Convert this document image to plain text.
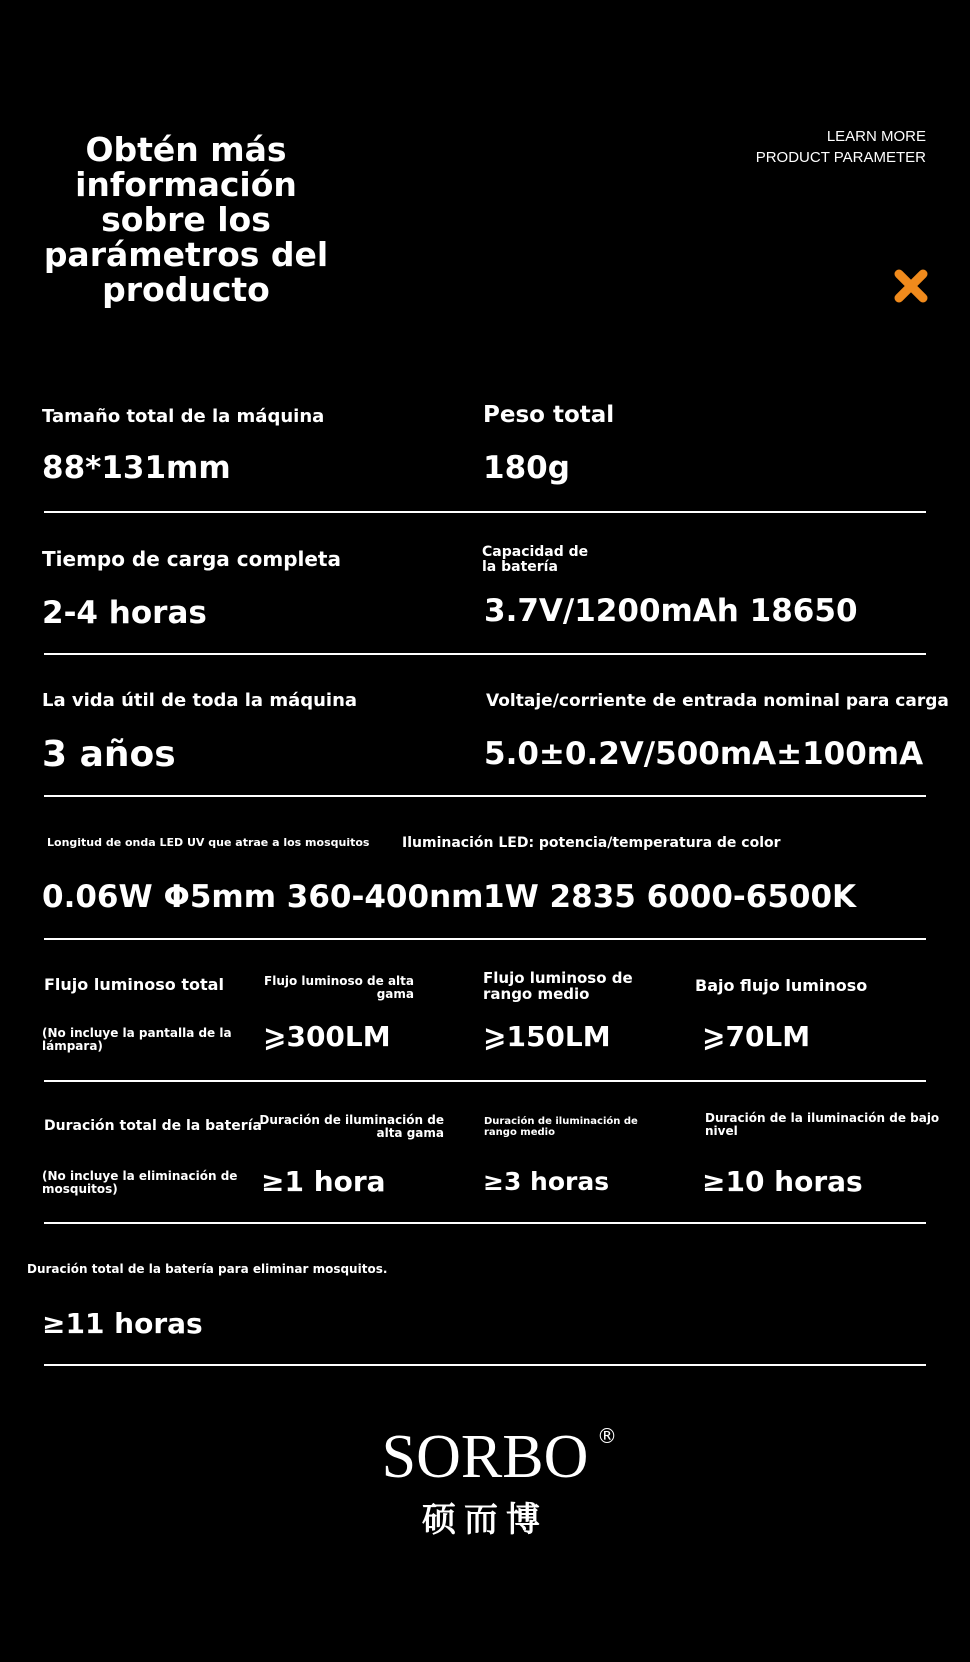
Obtén más información sobre los parámetros del producto
LEARN MORE
PRODUCT PARAMETER
Tamaño total de la máquina
88*131mm
Peso total
180g
Tiempo de carga completa
2-4 horas
Capacidad de
la batería
3.7V/1200mAh 18650
La vida útil de toda la máquina
3 años
Voltaje/corriente de entrada nominal para carga
5.0±0.2V/500mA±100mA
Longitud de onda LED UV que atrae a los mosquitos
0.06W Φ5mm 360-400nm
Iluminación LED: potencia/temperatura de color
1W 2835 6000-6500K
Flujo luminoso total
(No incluye la pantalla de la
lámpara)
Flujo luminoso de alta
gama
⩾300LM
Flujo luminoso de
rango medio
⩾150LM
Bajo flujo luminoso
⩾70LM
Duración total de la batería
(No incluye la eliminación de
mosquitos)
Duración de iluminación de
alta gama
≥1 hora
Duración de iluminación de
rango medio
≥3 horas
Duración de la iluminación de bajo
nivel
≥10 horas
Duración total de la batería para eliminar mosquitos.
≥11 horas
SORBO ®
硕而博
